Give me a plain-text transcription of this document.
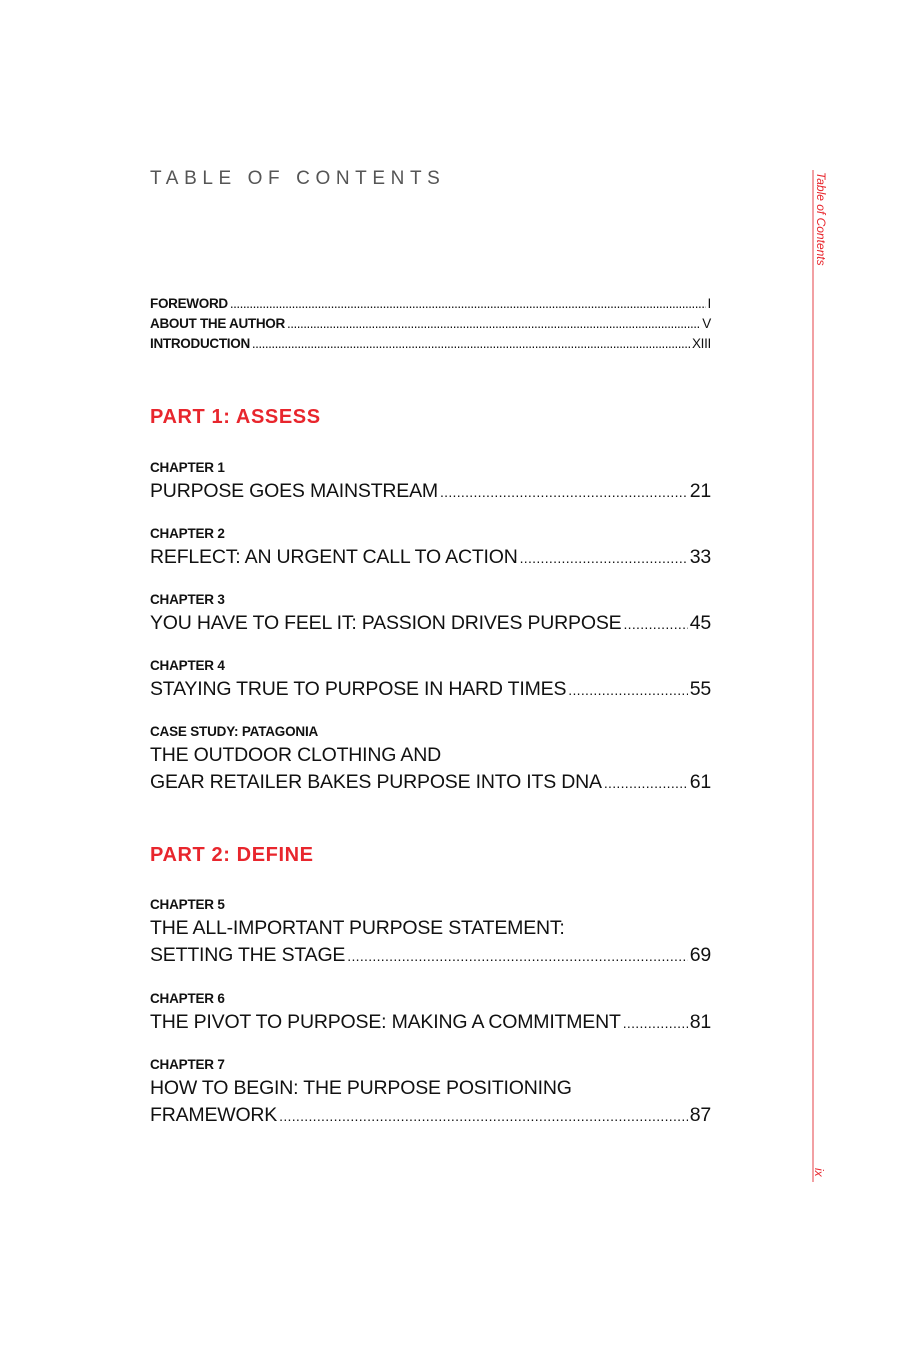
TABLE OF CONTENTS
FOREWORD .....	I
ABOUT THE AUTHOR .....	V
INTRODUCTION .....	XIII
PART 1: ASSESS
CHAPTER 1
PURPOSE GOES MAINSTREAM .....	21
CHAPTER 2
REFLECT: AN URGENT CALL TO ACTION .....	33
CHAPTER 3
YOU HAVE TO FEEL IT: PASSION DRIVES PURPOSE .....	45
CHAPTER 4
STAYING TRUE TO PURPOSE IN HARD TIMES .....	55
CASE STUDY: PATAGONIA
THE OUTDOOR CLOTHING AND
GEAR RETAILER BAKES PURPOSE INTO ITS DNA .....	61
PART 2: DEFINE
CHAPTER 5
THE ALL-IMPORTANT PURPOSE STATEMENT:
SETTING THE STAGE .....	69
CHAPTER 6
THE PIVOT TO PURPOSE: MAKING A COMMITMENT .....	81
CHAPTER 7
HOW TO BEGIN: THE PURPOSE POSITIONING
FRAMEWORK .....	87
Table of Contents
ix
